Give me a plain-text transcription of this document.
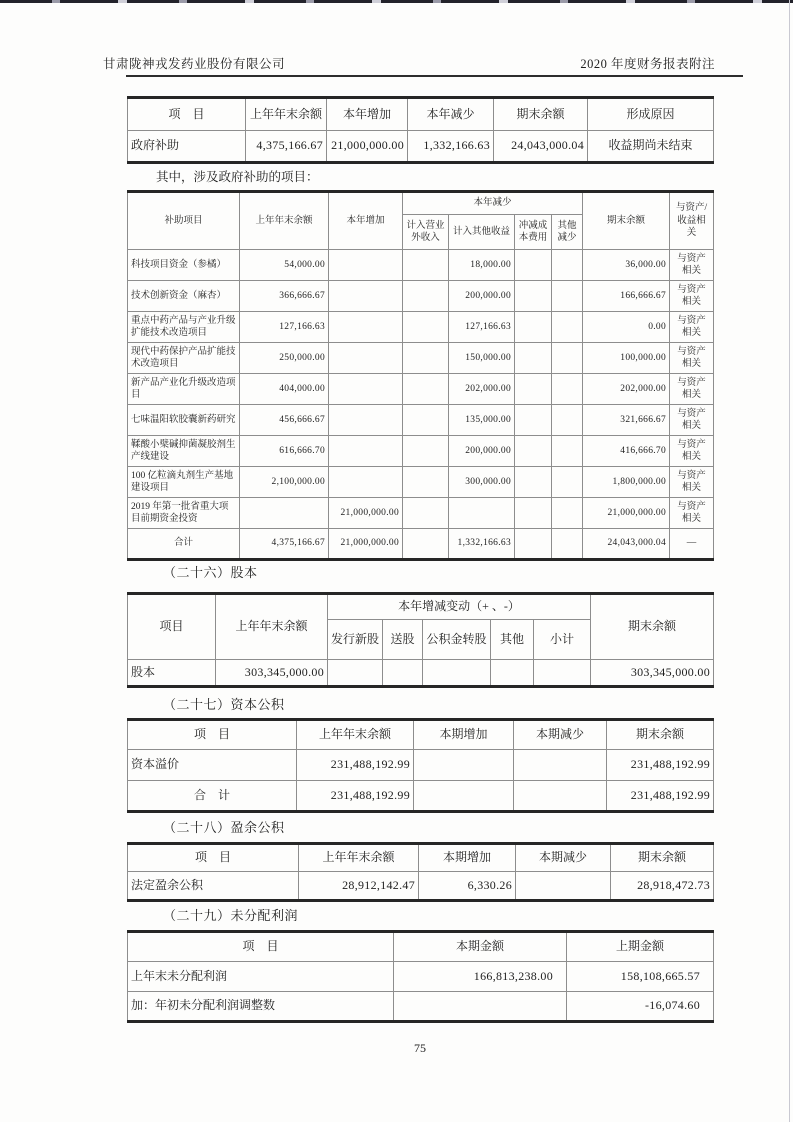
甘肃陇神戎发药业股份有限公司	2020 年度财务报表附注
项　目	上年年末余额	本年增加	本年减少	期末余额	形成原因
政府补助	4,375,166.67	21,000,000.00	1,332,166.63	24,043,000.04	收益期尚未结束
其中，涉及政府补助的项目：
补助项目	上年年末余额	本年增加	本年减少				期末余额	与资产/收益相关
			计入营业外收入	计入其他收益	冲减成本费用	其他减少		
科技项目资金（参橘）	54,000.00			18,000.00			36,000.00	与资产相关
技术创新资金（麻杏）	366,666.67			200,000.00			166,666.67	与资产相关
重点中药产品与产业升级扩能技术改造项目	127,166.63			127,166.63			0.00	与资产相关
现代中药保护产品扩能技术改造项目	250,000.00			150,000.00			100,000.00	与资产相关
新产品产业化升级改造项目	404,000.00			202,000.00			202,000.00	与资产相关
七味温阳软胶囊新药研究	456,666.67			135,000.00			321,666.67	与资产相关
鞣酸小檗碱抑菌凝胶剂生产线建设	616,666.70			200,000.00			416,666.70	与资产相关
100 亿粒滴丸剂生产基地建设项目	2,100,000.00			300,000.00			1,800,000.00	与资产相关
2019 年第一批省重大项目前期资金投资		21,000,000.00					21,000,000.00	与资产相关
合计	4,375,166.67	21,000,000.00		1,332,166.63			24,043,000.04	—
（二十六）股本
项目	上年年末余额	本年增减变动（+ 、-）					期末余额
		发行新股	送股	公积金转股	其他	小计	
股本	303,345,000.00						303,345,000.00
（二十七）资本公积
项　目	上年年末余额	本期增加	本期减少	期末余额
资本溢价	231,488,192.99			231,488,192.99
合　计	231,488,192.99			231,488,192.99
（二十八）盈余公积
项　目	上年年末余额	本期增加	本期减少	期末余额
法定盈余公积	28,912,142.47	6,330.26		28,918,472.73
（二十九）未分配利润
项　目	本期金额	上期金额
上年末未分配利润	166,813,238.00	158,108,665.57
加：年初未分配利润调整数		-16,074.60
75
